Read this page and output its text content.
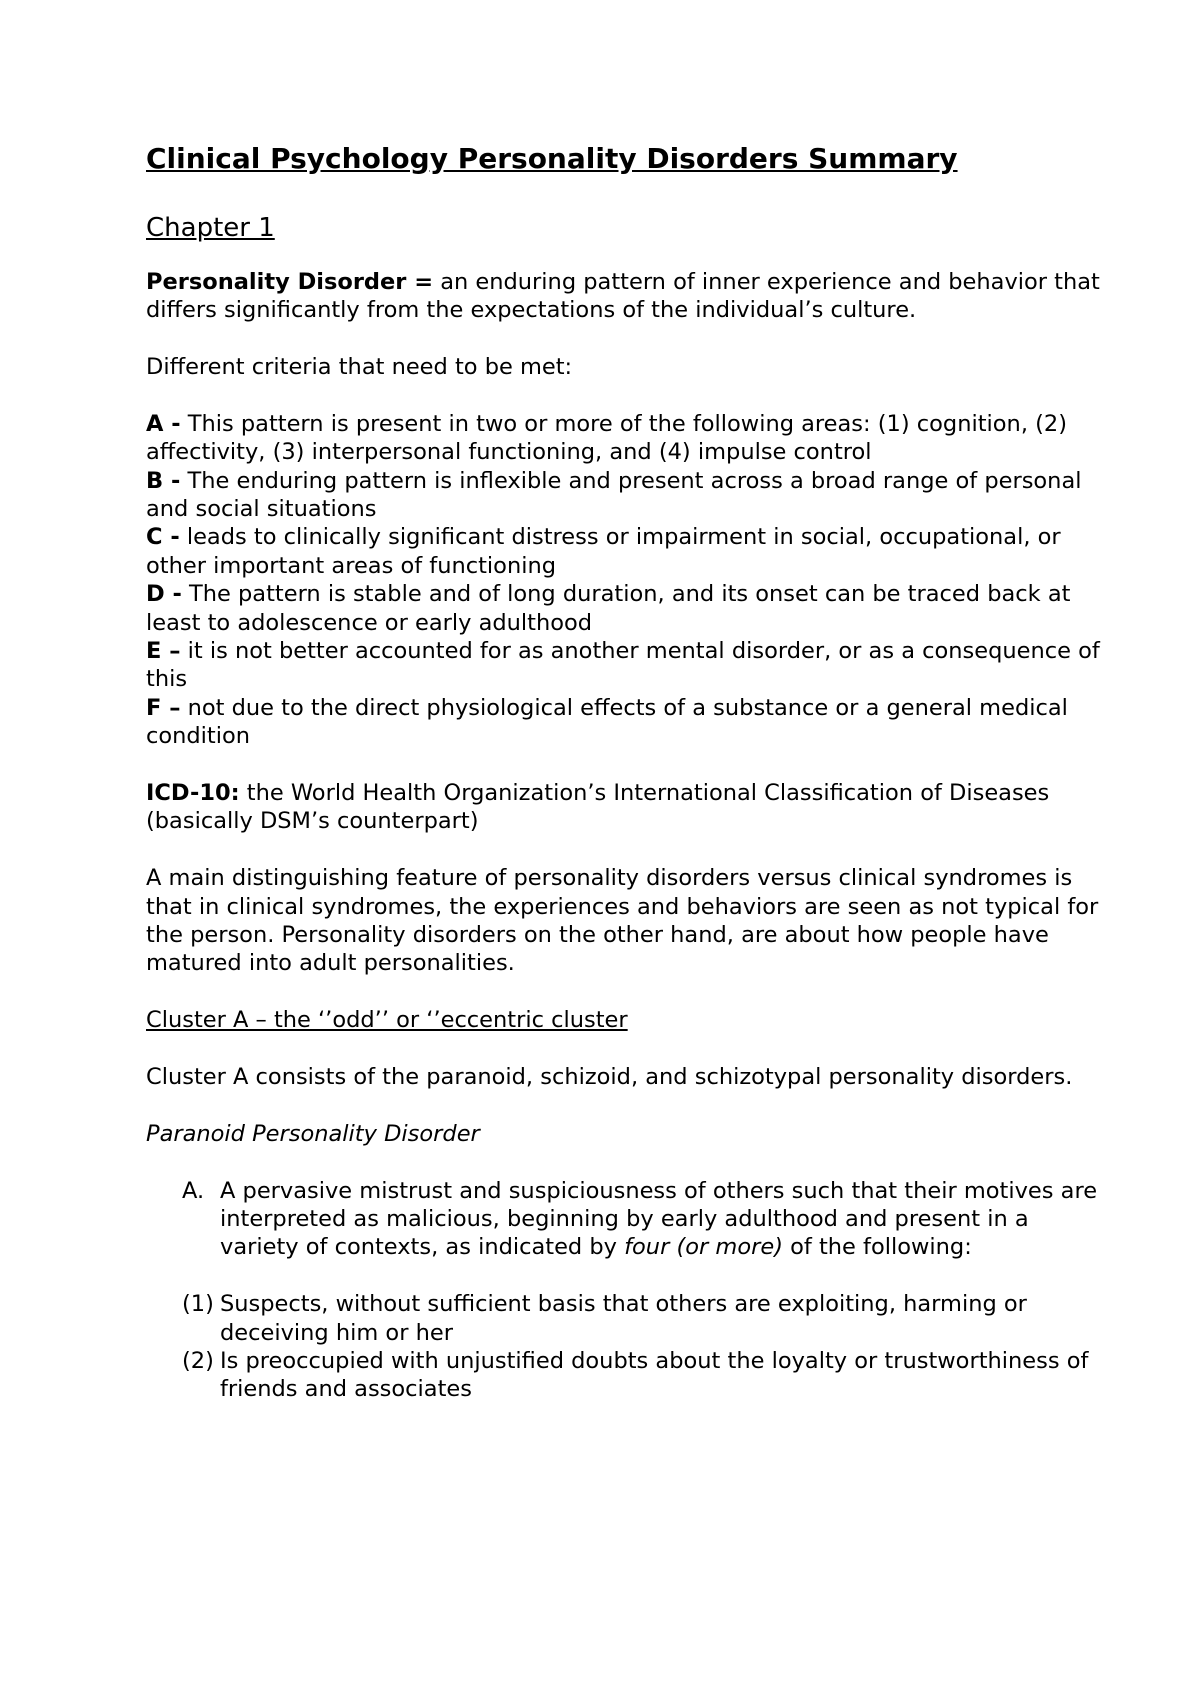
Clinical Psychology Personality Disorders Summary
Chapter 1

Personality Disorder = an enduring pattern of inner experience and behavior that differs significantly from the expectations of the individual’s culture.

Different criteria that need to be met:

A - This pattern is present in two or more of the following areas: (1) cognition, (2) affectivity, (3) interpersonal functioning, and (4) impulse control

B - The enduring pattern is inflexible and present across a broad range of personal and social situations

C - leads to clinically significant distress or impairment in social, occupational, or other important areas of functioning

D - The pattern is stable and of long duration, and its onset can be traced back at least to adolescence or early adulthood

E – it is not better accounted for as another mental disorder, or as a consequence of this

F – not due to the direct physiological effects of a substance or a general medical condition

ICD-10: the World Health Organization’s International Classification of Diseases (basically DSM’s counterpart)

A main distinguishing feature of personality disorders versus clinical syndromes is that in clinical syndromes, the experiences and behaviors are seen as not typical for the person. Personality disorders on the other hand, are about how people have matured into adult personalities.

Cluster A – the ‘’odd’’ or ‘’eccentric cluster

Cluster A consists of the paranoid, schizoid, and schizotypal personality disorders.

Paranoid Personality Disorder

A. A pervasive mistrust and suspiciousness of others such that their motives are interpreted as malicious, beginning by early adulthood and present in a variety of contexts, as indicated by four (or more) of the following:
(1) Suspects, without sufficient basis that others are exploiting, harming or deceiving him or her
(2) Is preoccupied with unjustified doubts about the loyalty or trustworthiness of friends and associates
